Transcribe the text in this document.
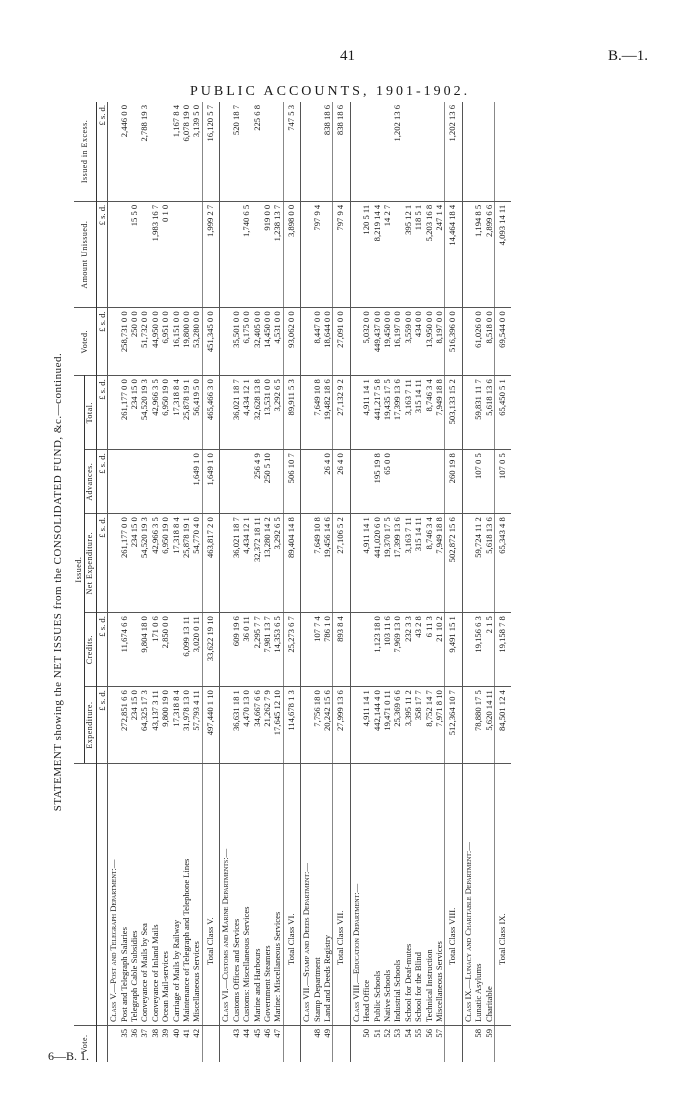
41	B.—1.
PUBLIC ACCOUNTS, 1901-1902.
6—B. 1.
STATEMENT showing the NET ISSUES from the CONSOLIDATED FUND, &c.—continued.
Vote.		Issued.					Voted.	Amount Unissued.	Issued in Excess.
		Expenditure.	Credits.	Net Expenditure.	Advances.	Total.			
		£ s. d.	£ s. d.	£ s. d.	£ s. d.	£ s. d.	£ s. d.	£ s. d.	£ s. d.
	Class V.—Post and Telegraph Department:—								
35	Post and Telegraph Salaries	272,851 6 6	11,674 6 6	261,177 0 0		261,177 0 0	258,731 0 0		2,446 0 0
36	Telegraph Cable Subsidies	234 15 0		234 15 0		234 15 0	250 0 0	15 5 0	
37	Conveyance of Mails by Sea	64,325 17 3	9,804 18 0	54,520 19 3		54,520 19 3	51,732 0 0		2,788 19 3
38	Conveyance of Inland Mails	43,137 3 11	171 0 6	42,966 3 5		42,966 3 5	44,950 0 0	1,983 16 7	
39	Ocean Mail-services	9,800 19 0	2,850 0 0	6,950 19 0		6,950 19 0	6,951 0 0	0 1 0	
40	Carriage of Mails by Railway	17,318 8 4		17,318 8 4		17,318 8 4	16,151 0 0		1,167 8 4
41	Maintenance of Telegraph and Telephone Lines	31,978 13 0	6,099 13 11	25,878 19 1		25,878 19 1	19,800 0 0		6,078 19 0
42	Miscellaneous Services	57,793 4 11	3,020 0 11	54,770 4 0	1,649 1 0	56,419 5 0	53,280 0 0		3,139 5 0
	Total Class V.	497,440 1 10	33,622 19 10	463,817 2 0	1,649 1 0	465,466 3 0	451,345 0 0	1,999 2 7	16,120 5 7
	Class VI.—Customs and Marine Departments:—								
43	Customs Offices and Services	36,631 18 1	609 19 6	36,021 18 7		36,021 18 7	35,501 0 0		520 18 7
44	Customs: Miscellaneous Services	4,470 13 0	36 0 11	4,434 12 1		4,434 12 1	6,175 0 0	1,740 6 5	
45	Marine and Harbours	34,667 6 6	2,295 7 7	32,372 18 11	256 4 9	32,628 13 8	32,405 0 0		225 6 8
46	Government Steamers	21,262 7 9	7,981 13 7	13,280 14 2	250 5 10	13,531 0 0	14,450 0 0	919 0 0	
47	Marine: Miscellaneous Services	17,645 12 10	14,353 6 5	3,292 6 5		3,292 6 5	4,531 0 0	1,238 13 7	
	Total Class VI.	114,678 1 3	25,273 6 7	89,404 14 8	506 10 7	89,911 5 3	93,062 0 0	3,898 0 0	747 5 3
	Class VII.—Stamp and Deeds Department:—								
48	Stamp Department	7,756 18 0	107 7 4	7,649 10 8		7,649 10 8	8,447 0 0	797 9 4	
49	Land and Deeds Registry	20,242 15 6	786 1 0	19,456 14 6	26 4 0	19,482 18 6	18,644 0 0		838 18 6
	Total Class VII.	27,999 13 6	893 8 4	27,106 5 2	26 4 0	27,132 9 2	27,091 0 0	797 9 4	838 18 6
	Class VIII.—Education Department:—								
50	Head Office	4,911 14 1		4,911 14 1		4,911 14 1	5,032 0 0	120 5 11	
51	Public Schools	442,144 4 0	1,123 18 0	441,020 6 0	195 19 8	441,217 5 8	449,437 0 0	8,219 14 4	
52	Native Schools	19,471 0 11	103 11 6	19,370 17 5	65 0 0	19,435 17 5	19,450 0 0	14 2 7	
53	Industrial Schools	25,369 6 6	7,969 13 0	17,399 13 6		17,399 13 6	16,197 0 0		1,202 13 6
54	School for Deaf-mutes	3,395 11 2	232 3 3	3,163 7 11		3,163 7 11	3,559 0 0	395 12 1	
55	School for the Blind	358 17 7	43 2 8	315 14 11		315 14 11	434 0 0	118 5 1	
56	Technical Instruction	8,752 14 7	6 11 3	8,746 3 4		8,746 3 4	13,950 0 0	5,203 16 8	
57	Miscellaneous Services	7,971 8 10	21 10 2	7,949 18 8		7,949 18 8	8,197 0 0	247 1 4	
	Total Class VIII.	512,364 10 7	9,491 15 1	502,872 15 6	260 19 8	503,133 15 2	516,396 0 0	14,464 18 4	1,202 13 6
	Class IX.—Lunacy and Charitable Department:—								
58	Lunatic Asylums	78,880 17 5	19,156 6 3	59,724 11 2	107 0 5	59,831 11 7	61,026 0 0	1,194 8 5	
59	Charitable	5,620 14 11	2 1 5	5,618 13 6		5,618 13 6	8,518 0 0	2,899 6 6	
	Total Class IX.	84,501 12 4	19,158 7 8	65,343 4 8	107 0 5	65,450 5 1	69,544 0 0	4,093 14 11	
